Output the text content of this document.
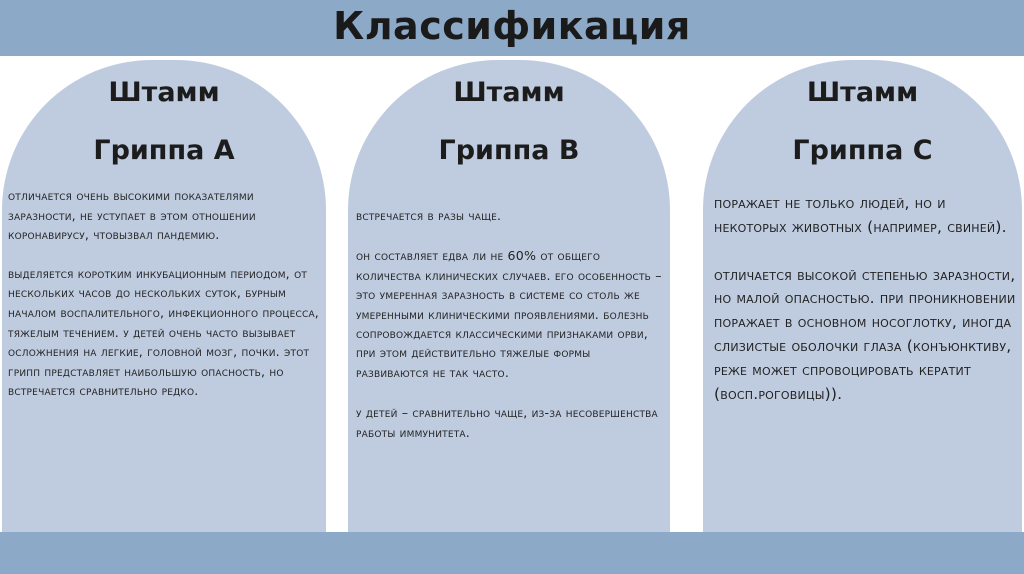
Классификация
Штамм
Гриппа А

отличается очень высокими показателями заразности, не уступает в этом отношении коронавирусу, чтовызвал пандемию.

выделяется коротким инкубационным периодом, от нескольких часов до нескольких суток, бурным началом воспалительного, инфекционного процесса, тяжелым течением. у детей очень часто вызывает осложнения на легкие, головной мозг, почки. этот грипп представляет наибольшую опасность, но встречается сравнительно редко.

Штамм
Гриппа В

встречается в разы чаще.

он составляет едва ли не 60% от общего количества клинических случаев. его особенность – это умеренная заразность в системе со столь же умеренными клиническими проявлениями. болезнь сопровождается классическими признаками орви, при этом действительно тяжелые формы развиваются не так часто.

у детей – сравнительно чаще, из-за несовершенства работы иммунитета.

Штамм
Гриппа С

поражает не только людей, но и некоторых животных (например, свиней).

отличается высокой степенью заразности, но малой опасностью. при проникновении поражает в основном носоглотку, иногда слизистые оболочки глаза (конъюнктиву, реже может спровоцировать кератит (восп.роговицы)).
